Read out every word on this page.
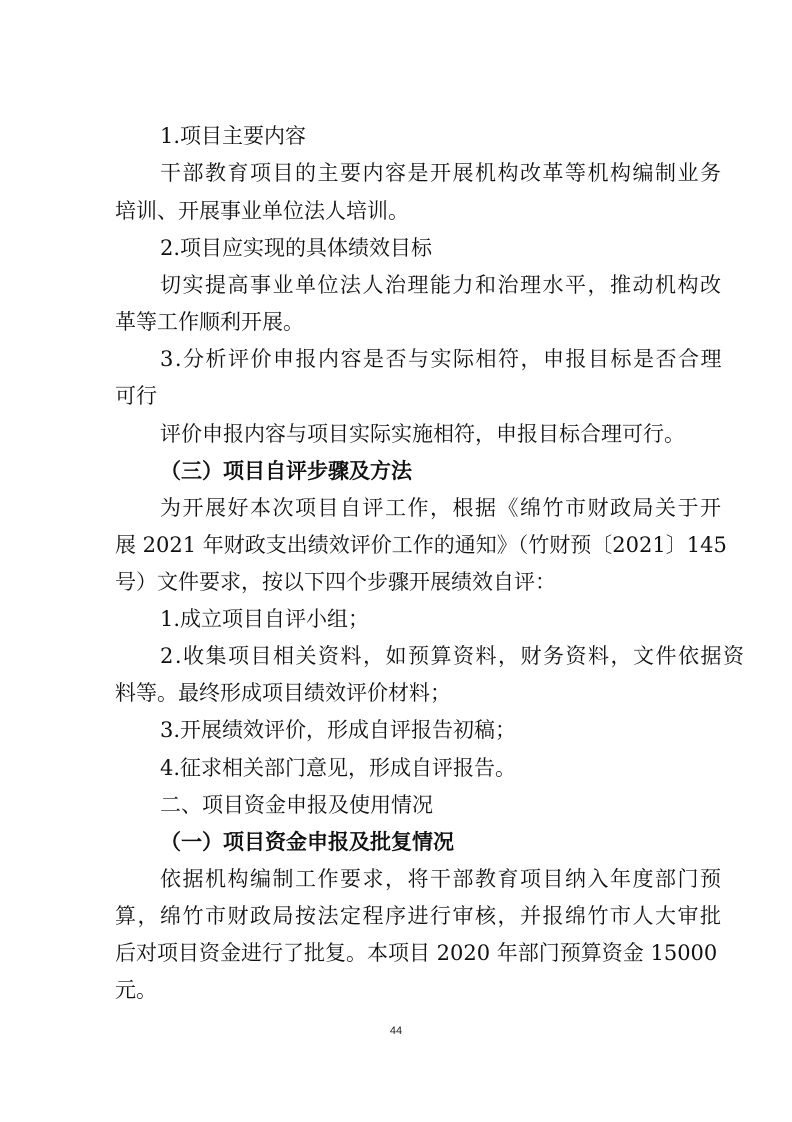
1.项目主要内容

干部教育项目的主要内容是开展机构改革等机构编制业务

培训、开展事业单位法人培训。

2.项目应实现的具体绩效目标

切实提高事业单位法人治理能力和治理水平，推动机构改

革等工作顺利开展。

3.分析评价申报内容是否与实际相符，申报目标是否合理

可行

评价申报内容与项目实际实施相符，申报目标合理可行。

（三）项目自评步骤及方法

为开展好本次项目自评工作，根据《绵竹市财政局关于开

展 2021 年财政支出绩效评价工作的通知》（竹财预〔2021〕145

号）文件要求，按以下四个步骤开展绩效自评：

1.成立项目自评小组；

2.收集项目相关资料，如预算资料，财务资料，文件依据资

料等。最终形成项目绩效评价材料；

3.开展绩效评价，形成自评报告初稿；

4.征求相关部门意见，形成自评报告。

二、项目资金申报及使用情况

（一）项目资金申报及批复情况

依据机构编制工作要求，将干部教育项目纳入年度部门预

算，绵竹市财政局按法定程序进行审核，并报绵竹市人大审批

后对项目资金进行了批复。本项目 2020 年部门预算资金 15000

元。

44
